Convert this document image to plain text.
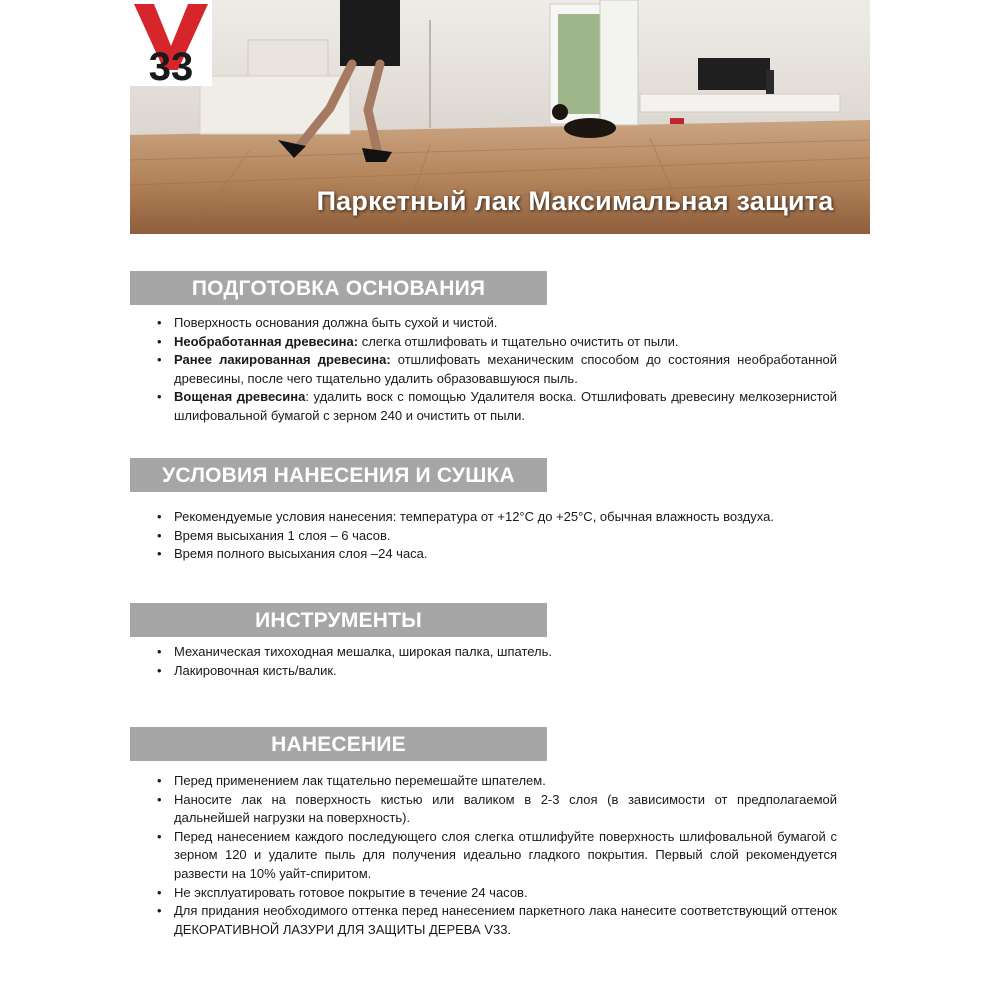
33
Паркетный лак Максимальная защита
ПОДГОТОВКА ОСНОВАНИЯ
• Поверхность основания должна быть сухой и чистой.
• Необработанная древесина: слегка отшлифовать и тщательно очистить от пыли.
• Ранее лакированная древесина: отшлифовать механическим способом до состояния необработанной древесины, после чего тщательно удалить образовавшуюся пыль.
• Вощеная древесина: удалить воск с помощью Удалителя воска. Отшлифовать древесину мелкозернистой шлифовальной бумагой с зерном 240 и очистить от пыли.
УСЛОВИЯ НАНЕСЕНИЯ И СУШКА
• Рекомендуемые условия нанесения: температура от +12°C до +25°C, обычная влажность воздуха.
• Время высыхания 1 слоя – 6 часов.
• Время полного высыхания слоя –24 часа.
ИНСТРУМЕНТЫ
• Механическая тихоходная мешалка, широкая палка, шпатель.
• Лакировочная кисть/валик.
НАНЕСЕНИЕ
• Перед применением лак тщательно перемешайте шпателем.
• Наносите лак на поверхность кистью или валиком в 2-3 слоя (в зависимости от предполагаемой дальнейшей нагрузки на поверхность).
• Перед нанесением каждого последующего слоя слегка отшлифуйте поверхность шлифовальной бумагой с зерном 120 и удалите пыль для получения идеально гладкого покрытия. Первый слой рекомендуется развести на 10% уайт-спиритом.
• Не эксплуатировать готовое покрытие в течение 24 часов.
• Для придания необходимого оттенка перед нанесением паркетного лака нанесите соответствующий оттенок ДЕКОРАТИВНОЙ ЛАЗУРИ ДЛЯ ЗАЩИТЫ ДЕРЕВА V33.
